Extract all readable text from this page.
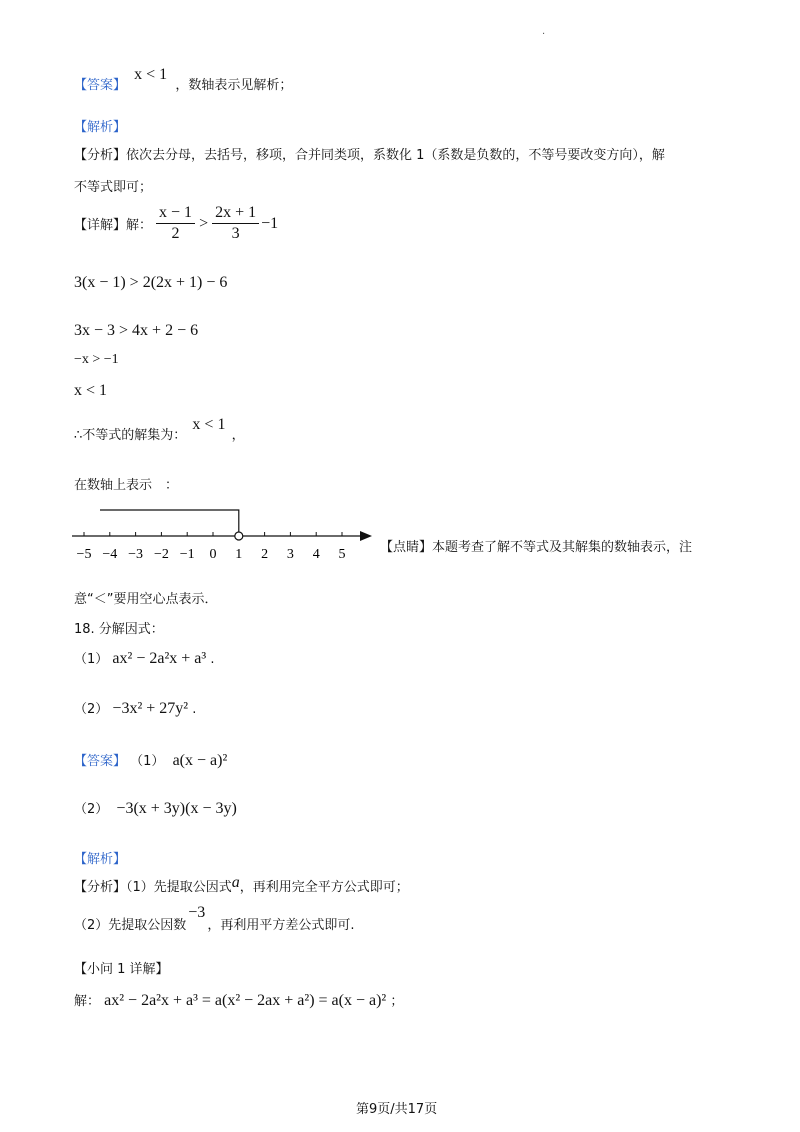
.
【答案】 x < 1 ，数轴表示见解析；
【解析】
【分析】依次去分母，去括号，移项，合并同类项，系数化 1（系数是负数的，不等号要改变方向），解
不等式即可；
【详解】 解： $\frac{x - 1}{2} > \frac{2x + 1}{3} -1$
3(x − 1) > 2(2x + 1) − 6
3x − 3 > 4x + 2 − 6
−x > −1
x < 1
∴不等式的解集为： x < 1 ，
在数轴上表示　：
−5 −4 −3 −2 −1 0 1 2 3 4 5	【点睛】本题考查了解不等式及其解集的数轴表示，注
意“＜”要用空心点表示．
18. 分解因式：
（1） ax² − 2a²x + a³ .
（2） −3x² + 27y² .
【答案】 （1） a(x − a)²
（2） −3(x + 3y)(x − 3y)
【解析】
【分析】（1）先提取公因式a，再利用完全平方公式即可；
（2）先提取公因数−3，再利用平方差公式即可.
【小问 1 详解】
解： ax² − 2a²x + a³ = a(x² − 2ax + a²) = a(x − a)² ；
第9页/共17页
